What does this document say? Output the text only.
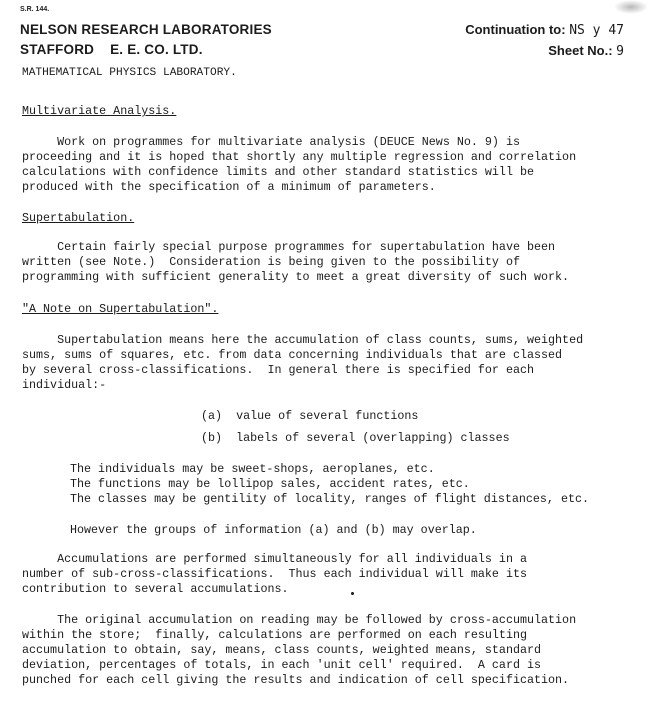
S.R. 144.
NELSON RESEARCH LABORATORIES
STAFFORD E. E. CO. LTD.
Continuation to: NS y 47
Sheet No.: 9
MATHEMATICAL PHYSICS LABORATORY.
Multivariate Analysis.
Work on programmes for multivariate analysis (DEUCE News No. 9) is
proceeding and it is hoped that shortly any multiple regression and correlation
calculations with confidence limits and other standard statistics will be
produced with the specification of a minimum of parameters.
Supertabulation.
Certain fairly special purpose programmes for supertabulation have been
written (see Note.)  Consideration is being given to the possibility of
programming with sufficient generality to meet a great diversity of such work.
"A Note on Supertabulation".
Supertabulation means here the accumulation of class counts, sums, weighted
sums, sums of squares, etc. from data concerning individuals that are classed
by several cross-classifications.  In general there is specified for each
individual:-
(a)  value of several functions
(b)  labels of several (overlapping) classes
The individuals may be sweet-shops, aeroplanes, etc.
The functions may be lollipop sales, accident rates, etc.
The classes may be gentility of locality, ranges of flight distances, etc.
However the groups of information (a) and (b) may overlap.
Accumulations are performed simultaneously for all individuals in a
number of sub-cross-classifications.  Thus each individual will make its
contribution to several accumulations.
The original accumulation on reading may be followed by cross-accumulation
within the store;  finally, calculations are performed on each resulting
accumulation to obtain, say, means, class counts, weighted means, standard
deviation, percentages of totals, in each 'unit cell' required.  A card is
punched for each cell giving the results and indication of cell specification.
